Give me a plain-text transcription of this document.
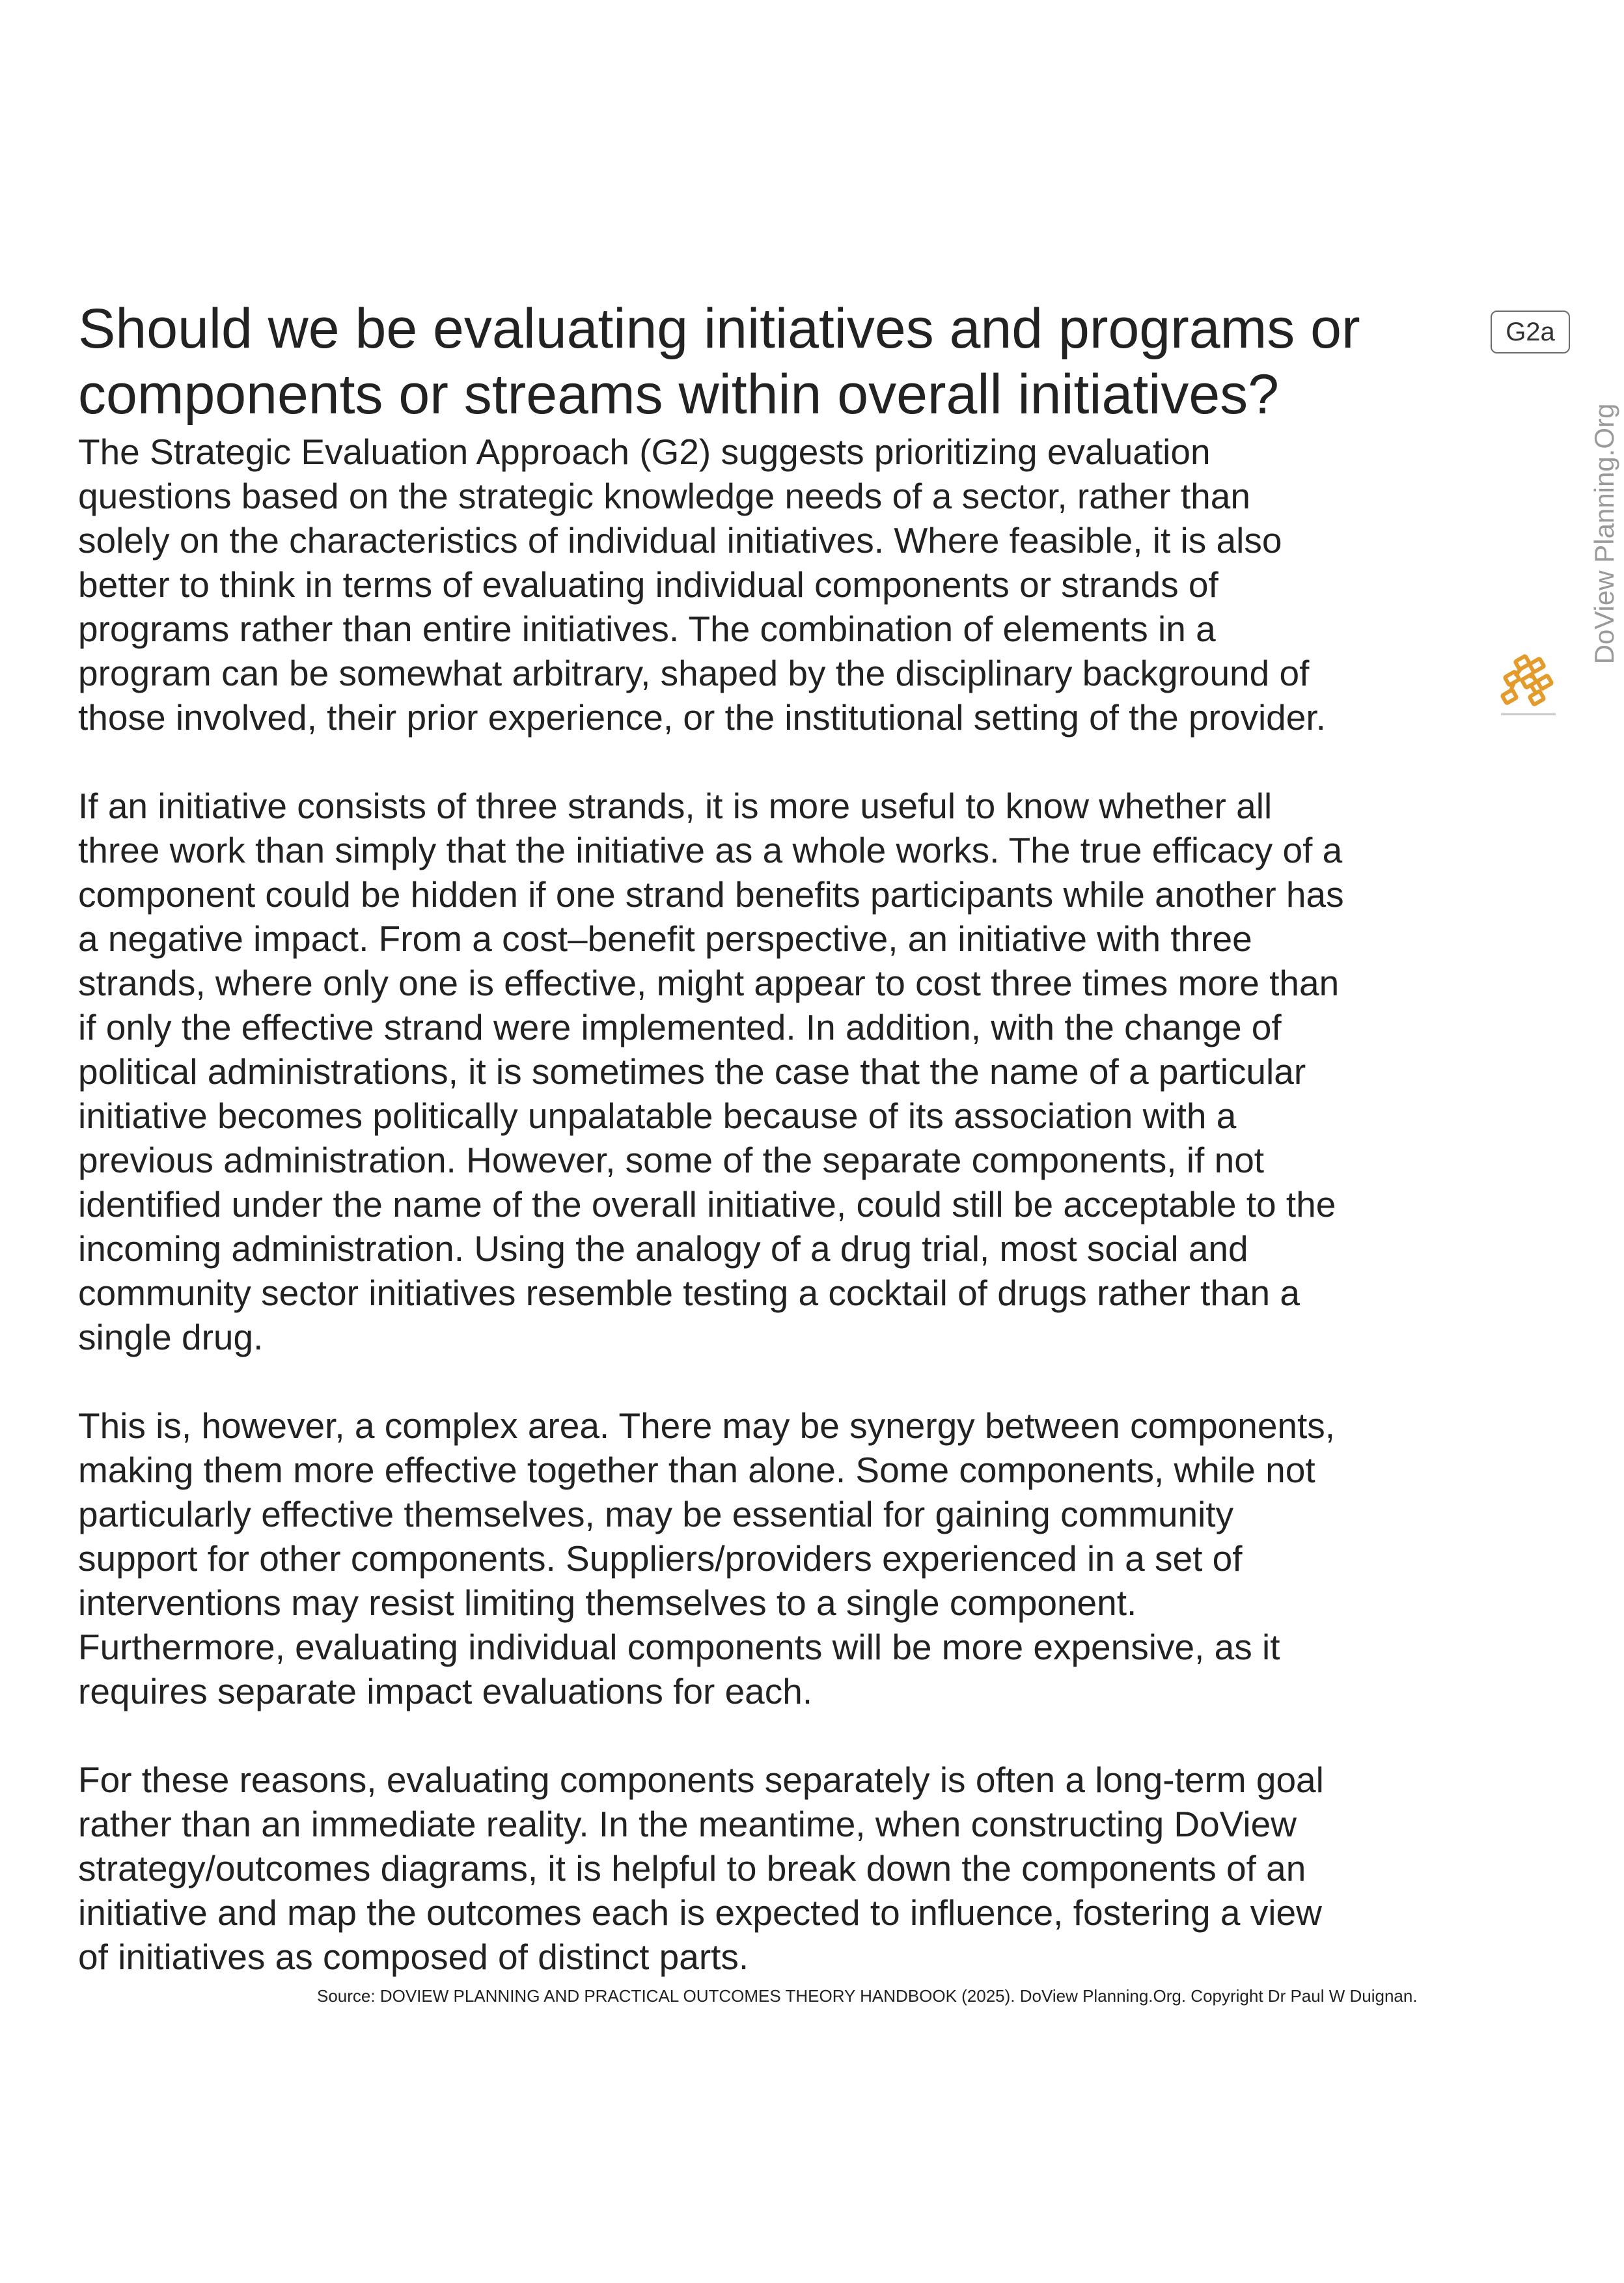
Should we be evaluating initiatives and programs or
components or streams within overall initiatives?

The Strategic Evaluation Approach (G2) suggests prioritizing evaluation
questions based on the strategic knowledge needs of a sector, rather than
solely on the characteristics of individual initiatives. Where feasible, it is also
better to think in terms of evaluating individual components or strands of
programs rather than entire initiatives. The combination of elements in a
program can be somewhat arbitrary, shaped by the disciplinary background of
those involved, their prior experience, or the institutional setting of the provider.

If an initiative consists of three strands, it is more useful to know whether all
three work than simply that the initiative as a whole works. The true efficacy of a
component could be hidden if one strand benefits participants while another has
a negative impact. From a cost–benefit perspective, an initiative with three
strands, where only one is effective, might appear to cost three times more than
if only the effective strand were implemented. In addition, with the change of
political administrations, it is sometimes the case that the name of a particular
initiative becomes politically unpalatable because of its association with a
previous administration. However, some of the separate components, if not
identified under the name of the overall initiative, could still be acceptable to the
incoming administration. Using the analogy of a drug trial, most social and
community sector initiatives resemble testing a cocktail of drugs rather than a
single drug.

This is, however, a complex area. There may be synergy between components,
making them more effective together than alone. Some components, while not
particularly effective themselves, may be essential for gaining community
support for other components. Suppliers/providers experienced in a set of
interventions may resist limiting themselves to a single component.
Furthermore, evaluating individual components will be more expensive, as it
requires separate impact evaluations for each.

For these reasons, evaluating components separately is often a long-term goal
rather than an immediate reality. In the meantime, when constructing DoView
strategy/outcomes diagrams, it is helpful to break down the components of an
initiative and map the outcomes each is expected to influence, fostering a view
of initiatives as composed of distinct parts.

Source: DOVIEW PLANNING AND PRACTICAL OUTCOMES THEORY HANDBOOK (2025). DoView Planning.Org. Copyright Dr Paul W Duignan.
G2a
DoView Planning.Org
